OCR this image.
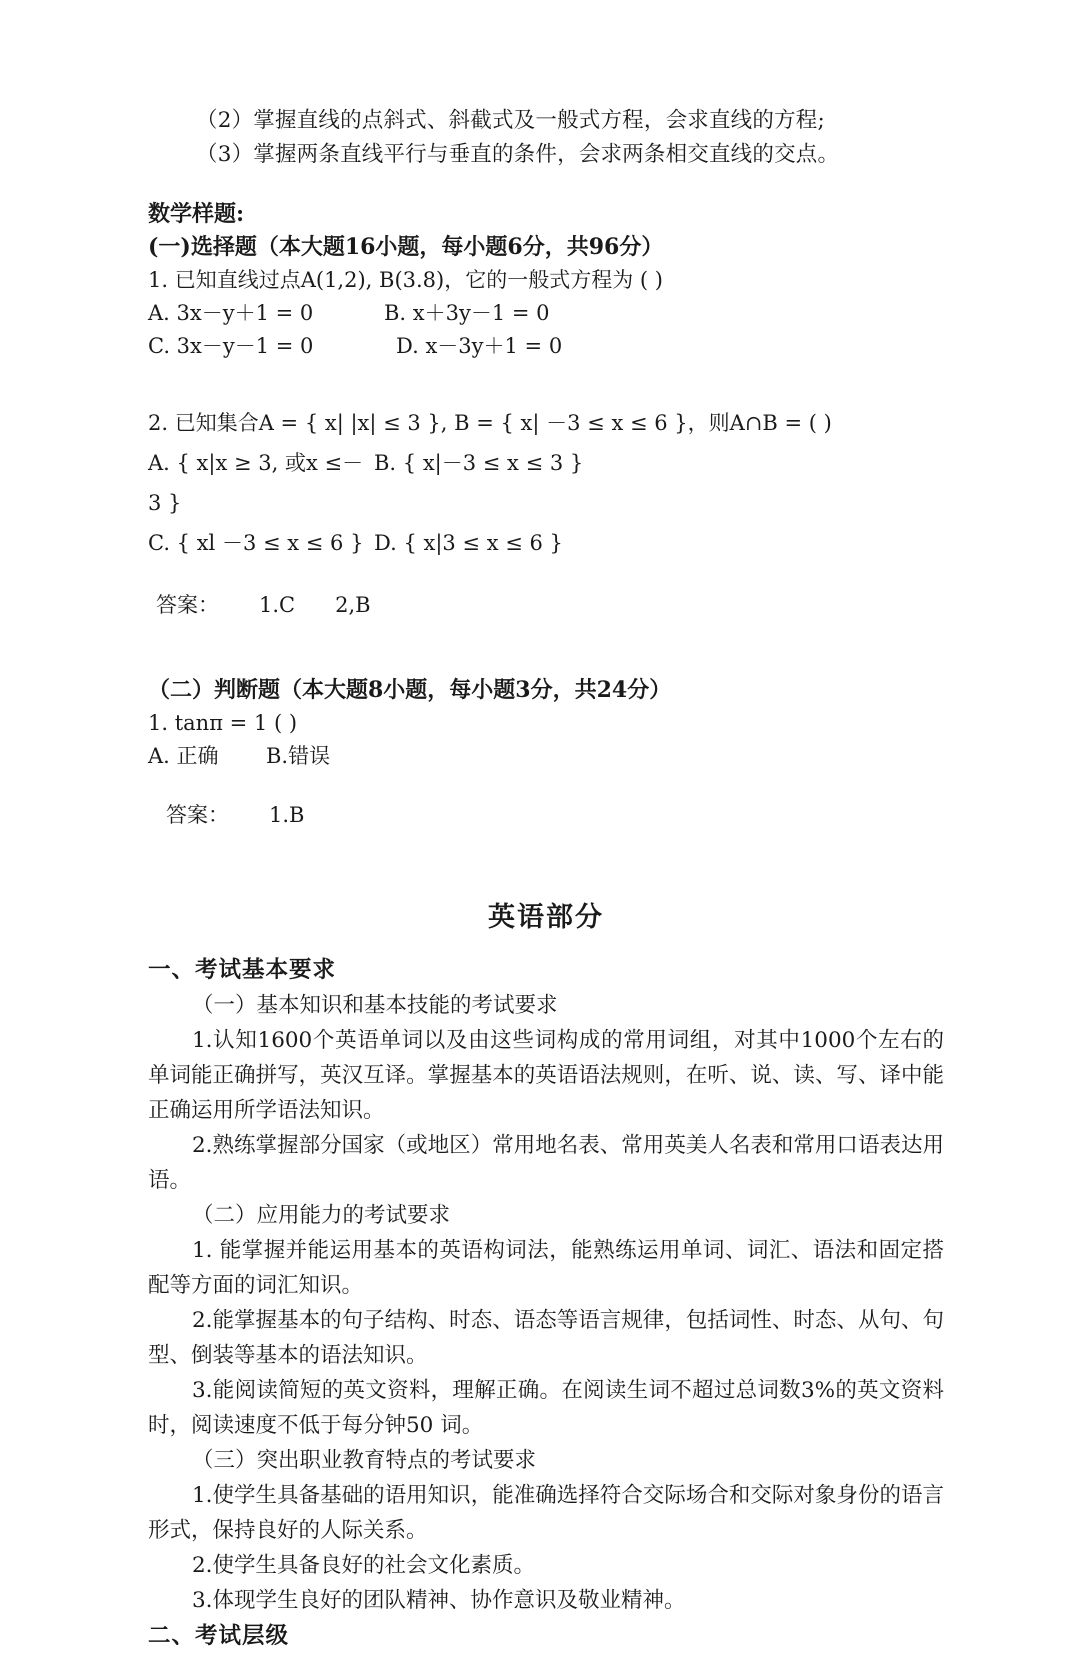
（2）掌握直线的点斜式、斜截式及一般式方程，会求直线的方程;
（3）掌握两条直线平行与垂直的条件，会求两条相交直线的交点。
数学样题:
(一)选择题（本大题16小题，每小题6分，共96分）
1. 已知直线过点A(1,2), B(3.8)，它的一般式方程为 ( )
A. 3x－y＋1 = 0	B. x＋3y－1 = 0
C. 3x－y－1 = 0	D. x－3y＋1 = 0
2. 已知集合A = { x| |x| ≤ 3 }, B = { x| －3 ≤ x ≤ 6 }，则A∩B = ( )
A. { x|x ≥ 3, 或x ≤－ 3 }
B. { x|－3 ≤ x ≤ 3 }
C. { xl －3 ≤ x ≤ 6 } D. { x|3 ≤ x ≤ 6 }
答案： 1.C 2,B
（二）判断题（本大题8小题，每小题3分，共24分）
1. tanπ = 1 ( )
A. 正确	B.错误
答案： 1.B
英语部分
一、考试基本要求
（一）基本知识和基本技能的考试要求
1.认知1600个英语单词以及由这些词构成的常用词组，对其中1000个左右的单词能正确拼写，英汉互译。掌握基本的英语语法规则，在听、说、读、写、译中能正确运用所学语法知识。
2.熟练掌握部分国家（或地区）常用地名表、常用英美人名表和常用口语表达用语。
（二）应用能力的考试要求
1. 能掌握并能运用基本的英语构词法，能熟练运用单词、词汇、语法和固定搭配等方面的词汇知识。
2.能掌握基本的句子结构、时态、语态等语言规律，包括词性、时态、从句、句型、倒装等基本的语法知识。
3.能阅读简短的英文资料，理解正确。在阅读生词不超过总词数3%的英文资料时，阅读速度不低于每分钟50 词。
（三）突出职业教育特点的考试要求
1.使学生具备基础的语用知识，能准确选择符合交际场合和交际对象身份的语言形式，保持良好的人际关系。
2.使学生具备良好的社会文化素质。
3.体现学生良好的团队精神、协作意识及敬业精神。
二、考试层级
